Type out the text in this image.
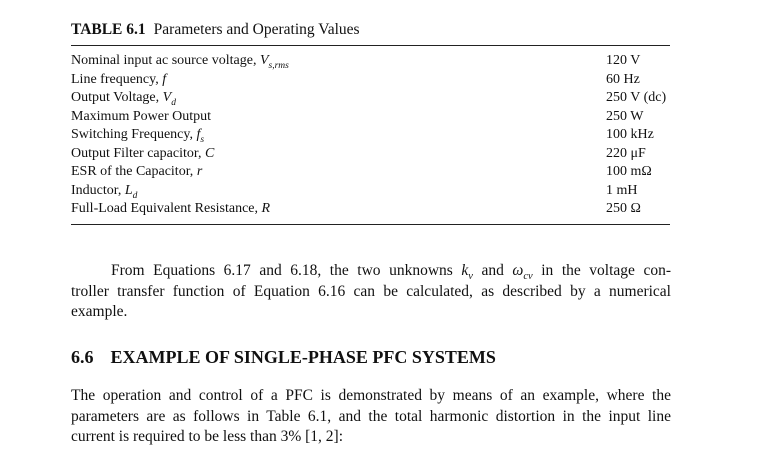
TABLE 6.1 Parameters and Operating Values
Nominal input ac source voltage, $V_{s,rms}$	120 V
Line frequency, f	60 Hz
Output Voltage, $V_d$	250 V (dc)
Maximum Power Output	250 W
Switching Frequency, $f_s$	100 kHz
Output Filter capacitor, C	220 μF
ESR of the Capacitor, r	100 mΩ
Inductor, $L_d$	1 mH
Full-Load Equivalent Resistance, R	250 Ω
From Equations 6.17 and 6.18, the two unknowns $k_v$ and $\omega_{cv}$ in the voltage con-
troller transfer function of Equation 6.16 can be calculated, as described by a numerical
example.
6.6 EXAMPLE OF SINGLE-PHASE PFC SYSTEMS
The operation and control of a PFC is demonstrated by means of an example, where the
parameters are as follows in Table 6.1, and the total harmonic distortion in the input line
current is required to be less than 3% [1, 2]:
